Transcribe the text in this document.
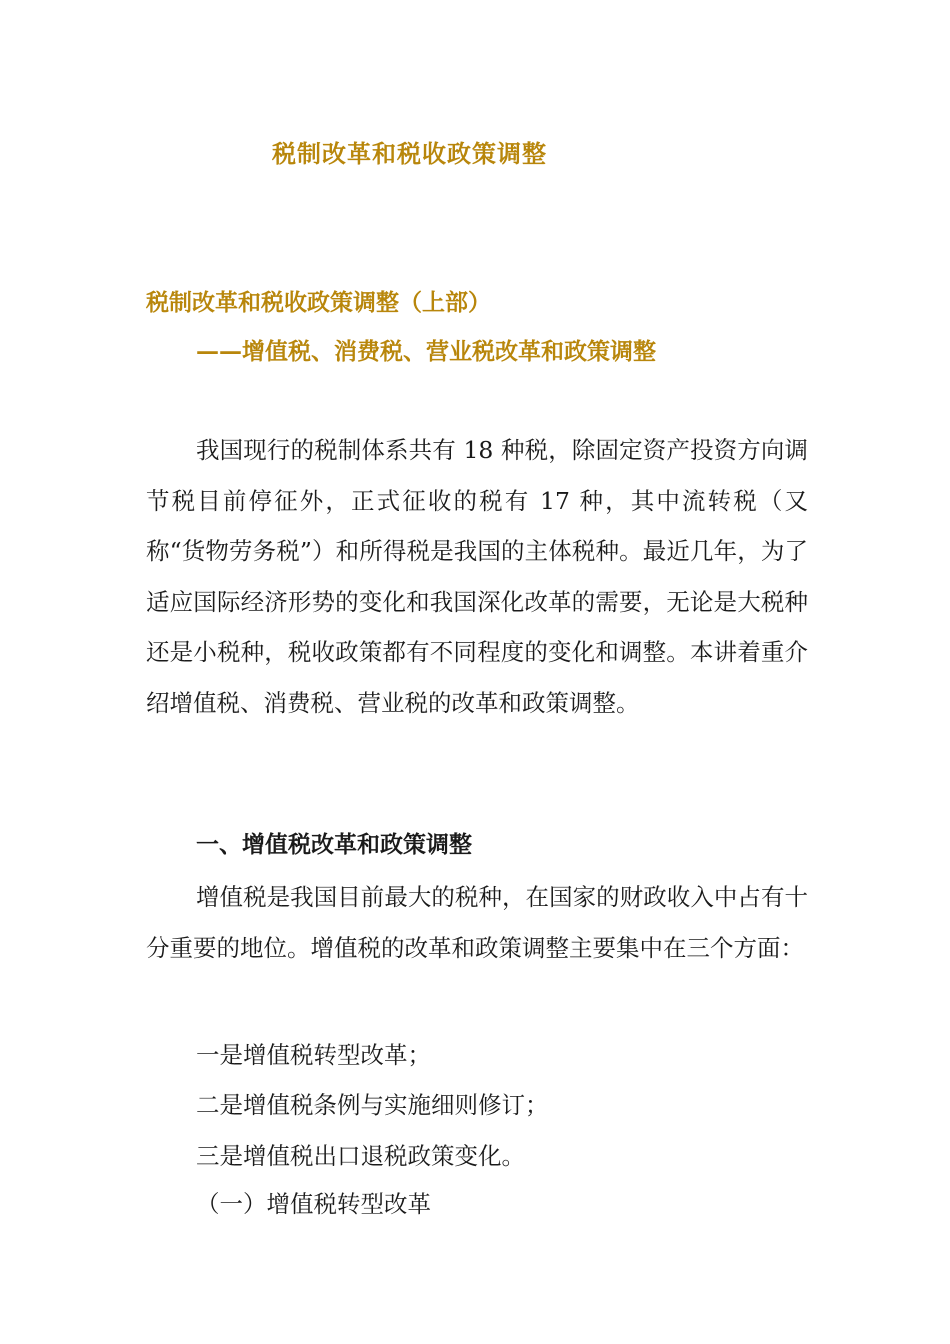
税制改革和税收政策调整
税制改革和税收政策调整（上部）
——增值税、消费税、营业税改革和政策调整

我国现行的税制体系共有 18 种税，除固定资产投资方向调节税目前停征外，正式征收的税有 17 种，其中流转税（又称“货物劳务税”）和所得税是我国的主体税种。最近几年，为了适应国际经济形势的变化和我国深化改革的需要，无论是大税种还是小税种，税收政策都有不同程度的变化和调整。本讲着重介绍增值税、消费税、营业税的改革和政策调整。

一、增值税改革和政策调整

增值税是我国目前最大的税种，在国家的财政收入中占有十分重要的地位。增值税的改革和政策调整主要集中在三个方面：

一是增值税转型改革；
二是增值税条例与实施细则修订；
三是增值税出口退税政策变化。
（一）增值税转型改革
